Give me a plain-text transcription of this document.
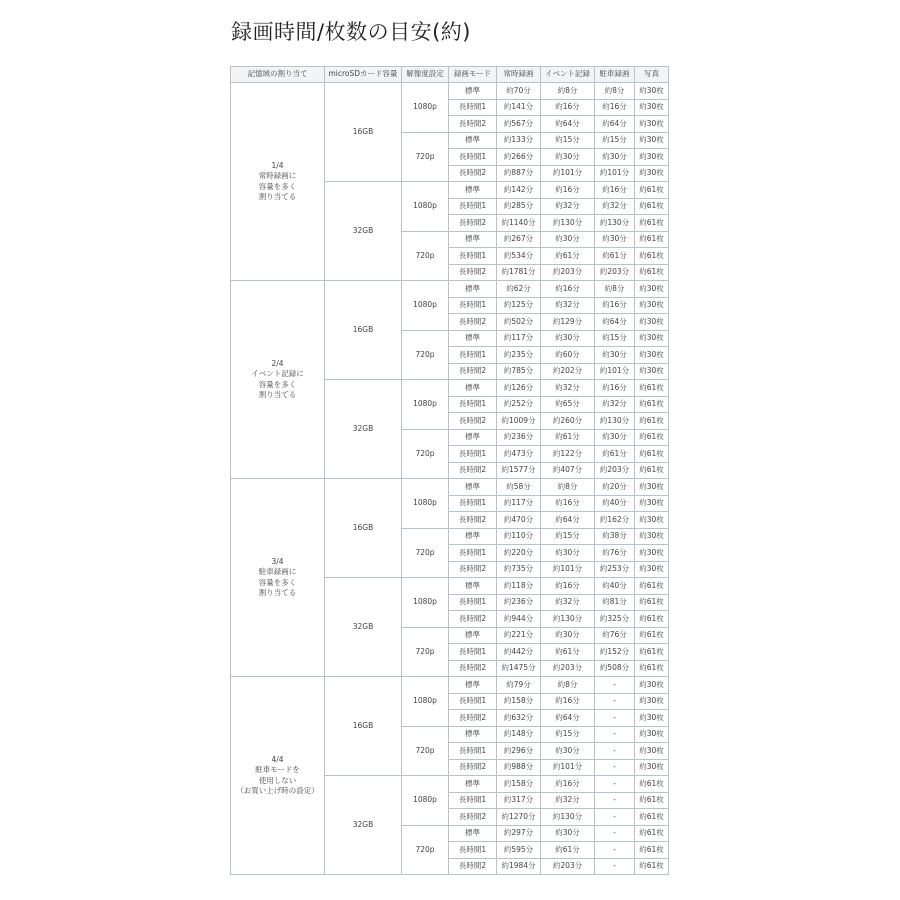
録画時間/枚数の目安(約)
記憶域の割り当て	microSDカード容量	解像度設定	録画モード	常時録画	イベント記録	駐車録画	写真

1/4
常時録画に
容量を多く
割り当てる	16GB	1080p	標準	約70分	約8分	約8分	約30枚
			長時間1	約141分	約16分	約16分	約30枚
			長時間2	約567分	約64分	約64分	約30枚
		720p	標準	約133分	約15分	約15分	約30枚
			長時間1	約266分	約30分	約30分	約30枚
			長時間2	約887分	約101分	約101分	約30枚
	32GB	1080p	標準	約142分	約16分	約16分	約61枚
			長時間1	約285分	約32分	約32分	約61枚
			長時間2	約1140分	約130分	約130分	約61枚
		720p	標準	約267分	約30分	約30分	約61枚
			長時間1	約534分	約61分	約61分	約61枚
			長時間2	約1781分	約203分	約203分	約61枚

2/4
イベント記録に
容量を多く
割り当てる	16GB	1080p	標準	約62分	約16分	約8分	約30枚
			長時間1	約125分	約32分	約16分	約30枚
			長時間2	約502分	約129分	約64分	約30枚
		720p	標準	約117分	約30分	約15分	約30枚
			長時間1	約235分	約60分	約30分	約30枚
			長時間2	約785分	約202分	約101分	約30枚
	32GB	1080p	標準	約126分	約32分	約16分	約61枚
			長時間1	約252分	約65分	約32分	約61枚
			長時間2	約1009分	約260分	約130分	約61枚
		720p	標準	約236分	約61分	約30分	約61枚
			長時間1	約473分	約122分	約61分	約61枚
			長時間2	約1577分	約407分	約203分	約61枚

3/4
駐車録画に
容量を多く
割り当てる	16GB	1080p	標準	約58分	約8分	約20分	約30枚
			長時間1	約117分	約16分	約40分	約30枚
			長時間2	約470分	約64分	約162分	約30枚
		720p	標準	約110分	約15分	約38分	約30枚
			長時間1	約220分	約30分	約76分	約30枚
			長時間2	約735分	約101分	約253分	約30枚
	32GB	1080p	標準	約118分	約16分	約40分	約61枚
			長時間1	約236分	約32分	約81分	約61枚
			長時間2	約944分	約130分	約325分	約61枚
		720p	標準	約221分	約30分	約76分	約61枚
			長時間1	約442分	約61分	約152分	約61枚
			長時間2	約1475分	約203分	約508分	約61枚

4/4
駐車モードを
使用しない
（お買い上げ時の設定）	16GB	1080p	標準	約79分	約8分	-	約30枚
			長時間1	約158分	約16分	-	約30枚
			長時間2	約632分	約64分	-	約30枚
		720p	標準	約148分	約15分	-	約30枚
			長時間1	約296分	約30分	-	約30枚
			長時間2	約988分	約101分	-	約30枚
	32GB	1080p	標準	約158分	約16分	-	約61枚
			長時間1	約317分	約32分	-	約61枚
			長時間2	約1270分	約130分	-	約61枚
		720p	標準	約297分	約30分	-	約61枚
			長時間1	約595分	約61分	-	約61枚
			長時間2	約1984分	約203分	-	約61枚
